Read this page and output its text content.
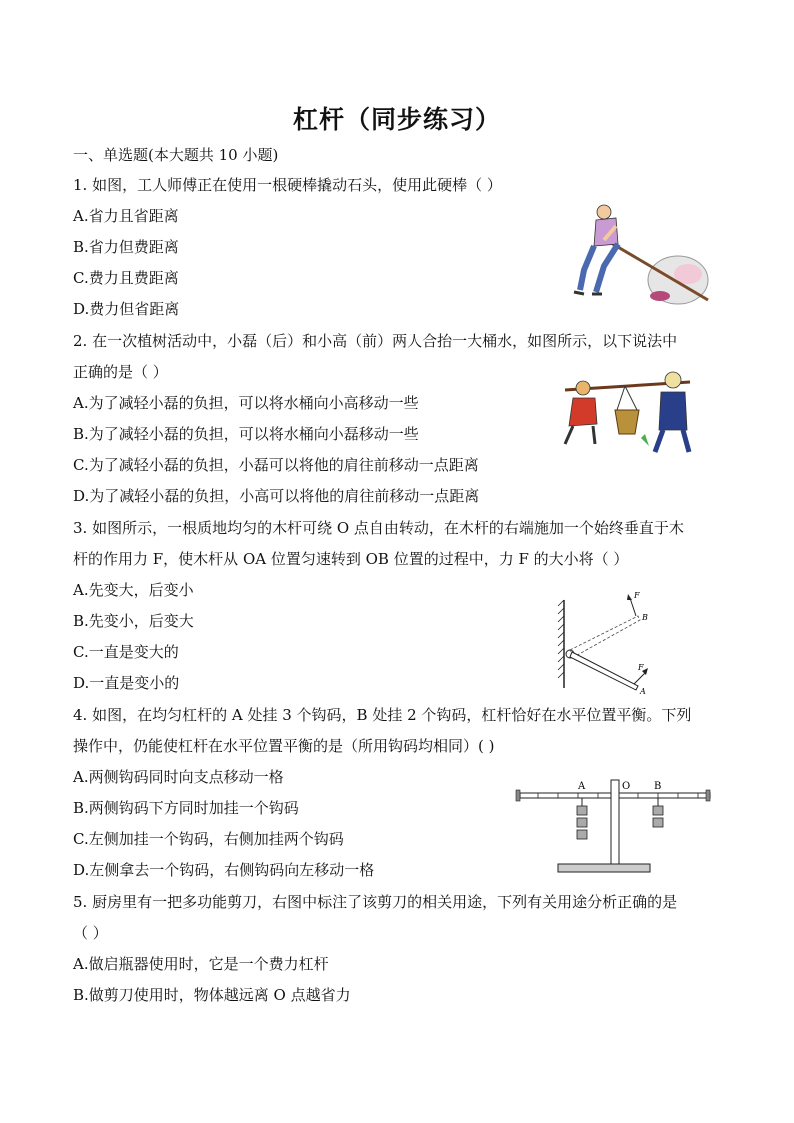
杠杆（同步练习）
一、单选题(本大题共 10 小题)
1. 如图，工人师傅正在使用一根硬棒撬动石头，使用此硬棒（ ）
A.省力且省距离
B.省力但费距离
C.费力且费距离
D.费力但省距离
2. 在一次植树活动中，小磊（后）和小高（前）两人合抬一大桶水，如图所示，以下说法中
正确的是（ ）
A.为了减轻小磊的负担，可以将水桶向小高移动一些
B.为了减轻小磊的负担，可以将水桶向小磊移动一些
C.为了减轻小磊的负担，小磊可以将他的肩往前移动一点距离
D.为了减轻小磊的负担，小高可以将他的肩往前移动一点距离
3. 如图所示，一根质地均匀的木杆可绕 O 点自由转动，在木杆的右端施加一个始终垂直于木
杆的作用力 F，使木杆从 OA 位置匀速转到 OB 位置的过程中，力 F 的大小将（ ）
A.先变大，后变小
B.先变小，后变大
C.一直是变大的
D.一直是变小的
F
B
F
A
4. 如图，在均匀杠杆的 A 处挂 3 个钩码，B 处挂 2 个钩码，杠杆恰好在水平位置平衡。下列
操作中，仍能使杠杆在水平位置平衡的是（所用钩码均相同）( )
A.两侧钩码同时向支点移动一格
B.两侧钩码下方同时加挂一个钩码
C.左侧加挂一个钩码，右侧加挂两个钩码
D.左侧拿去一个钩码，右侧钩码向左移动一格
A	O B
5. 厨房里有一把多功能剪刀，右图中标注了该剪刀的相关用途，下列有关用途分析正确的是
（ ）
A.做启瓶器使用时，它是一个费力杠杆
B.做剪刀使用时，物体越远离 O 点越省力
